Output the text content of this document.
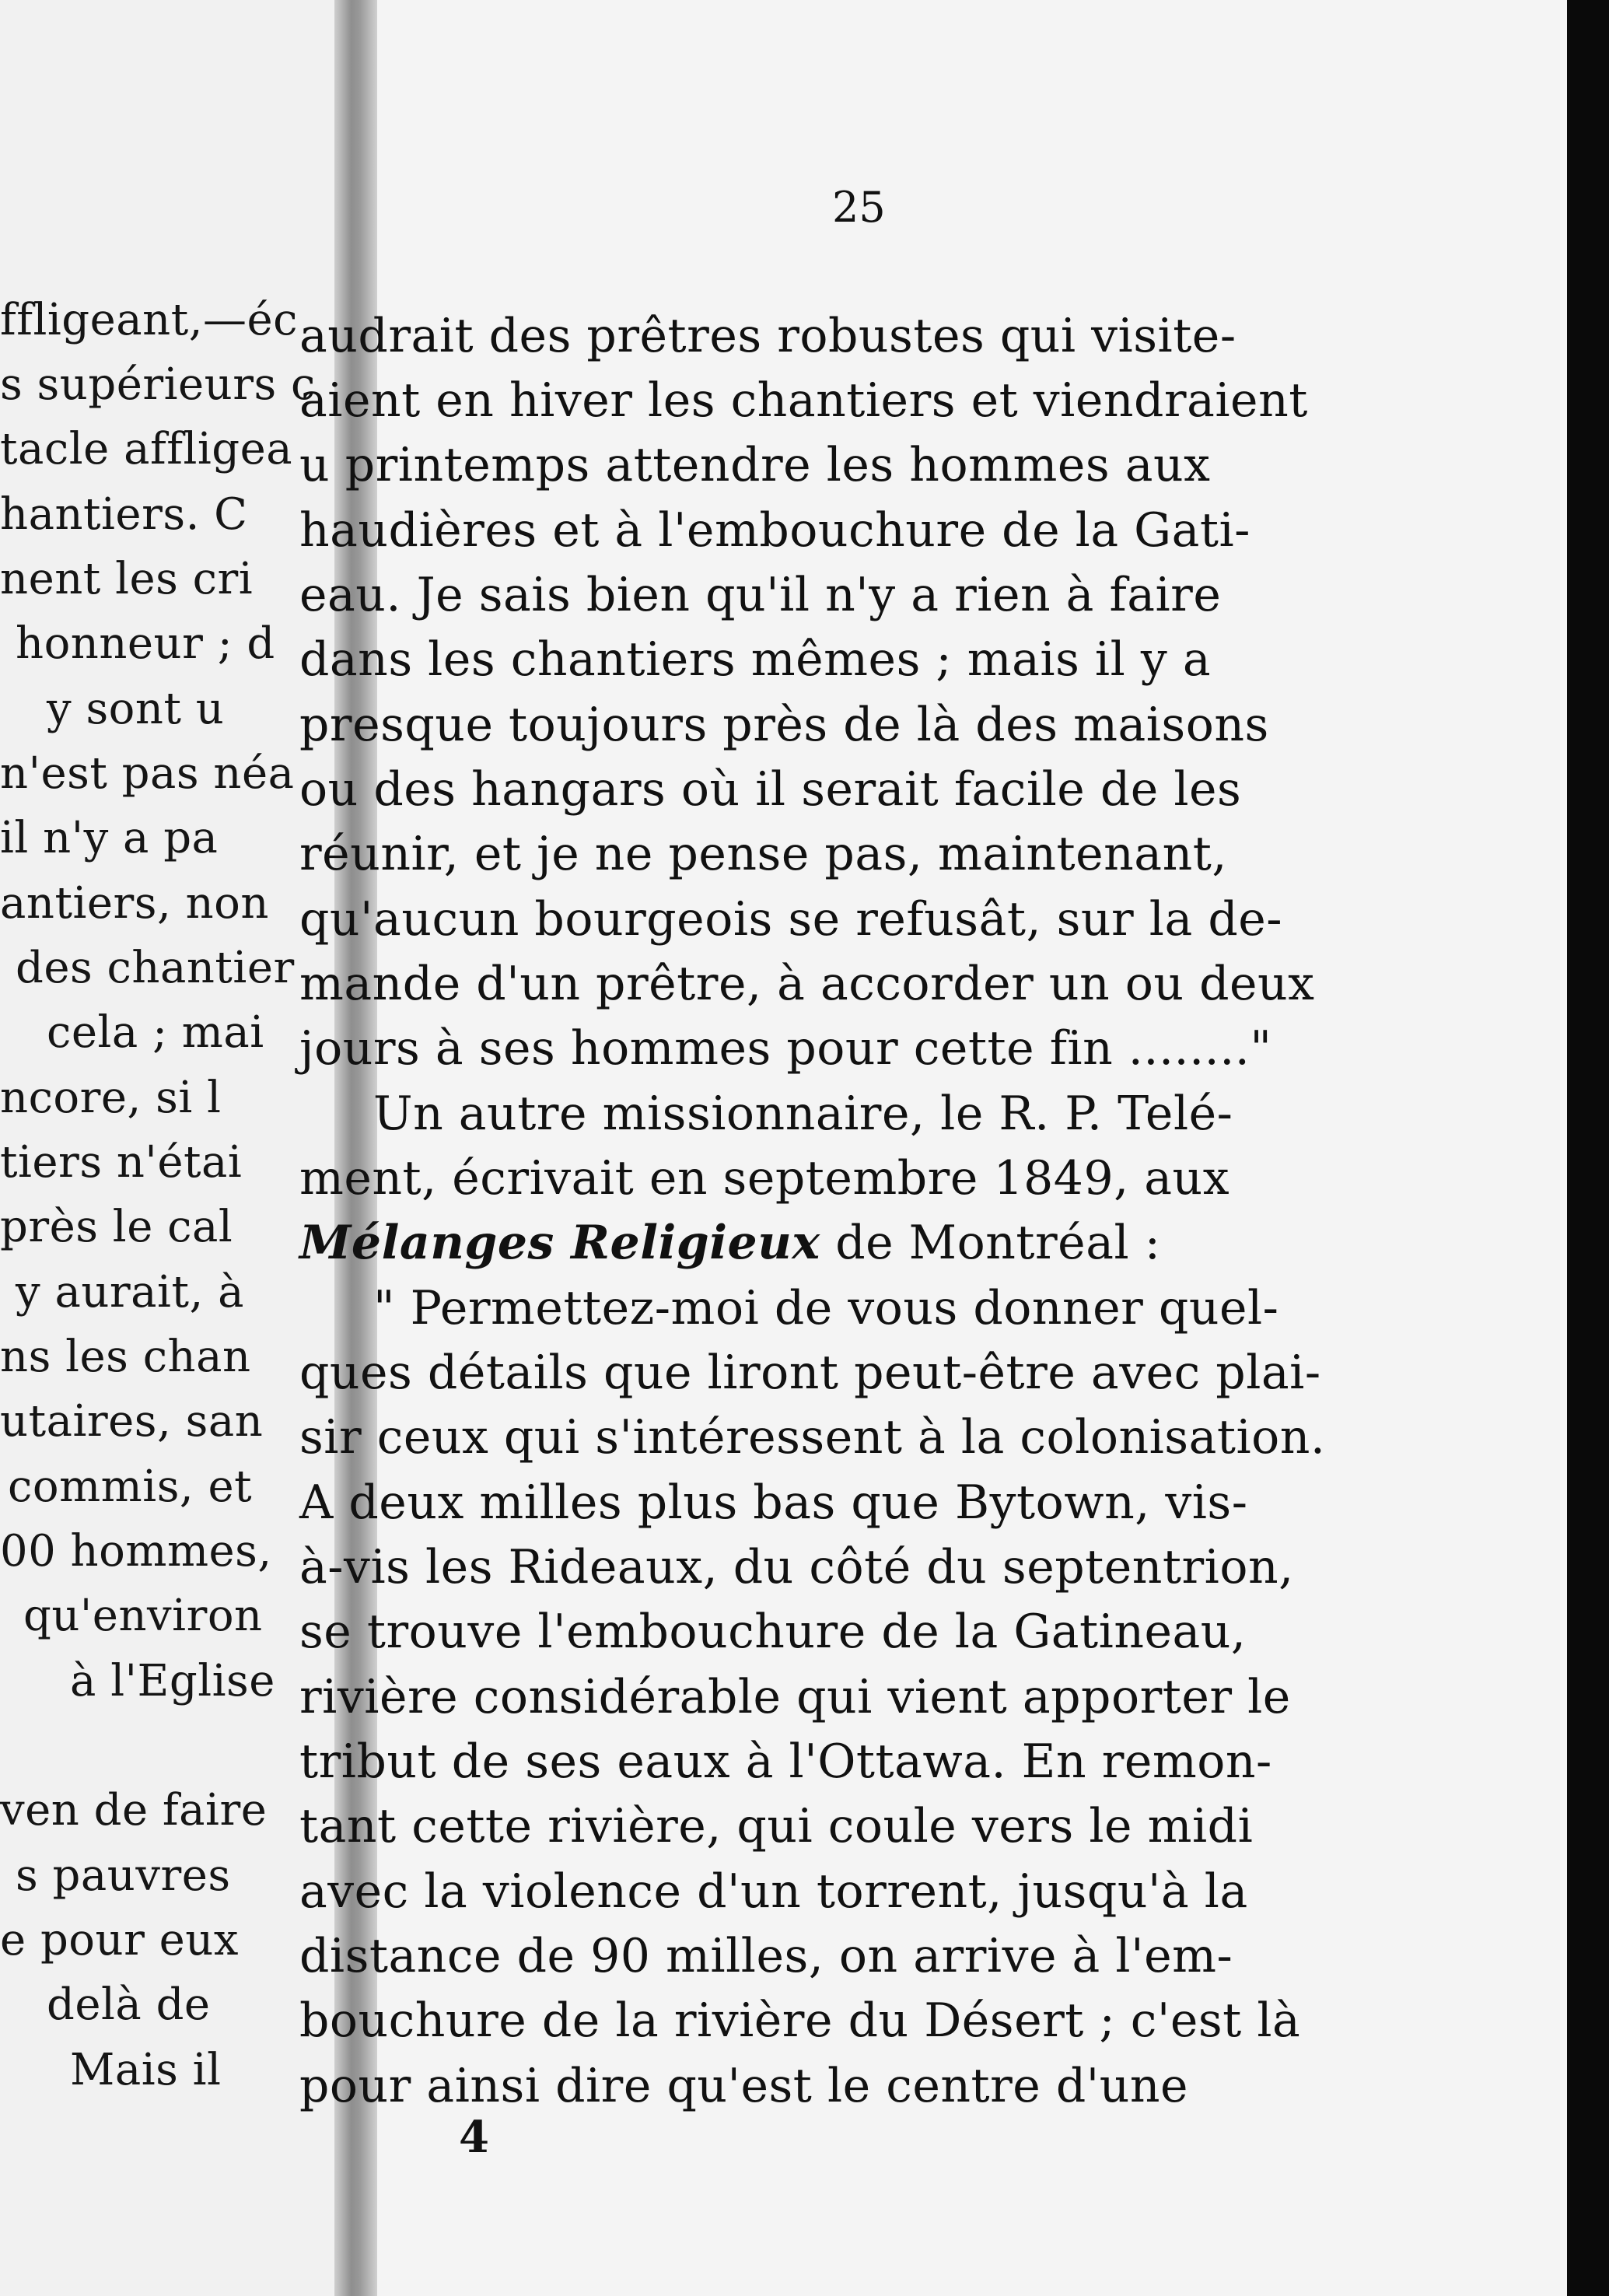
ffligeant,—éc

s supérieurs c

tacle affligea

hantiers. C

nent les cri

honneur ; d

y sont u

n'est pas néa

il n'y a pa

antiers, non

des chantier

cela ; mai

ncore, si l

tiers n'étai

près le cal

y aurait, à

ns les chan

utaires, san

commis, et

00 hommes,

qu'environ

à l'Eglise

ven de faire

s pauvres

e pour eux

delà de

Mais il

25

audrait des prêtres robustes qui visite-

aient en hiver les chantiers et viendraient

u printemps attendre les hommes aux

haudières et à l'embouchure de la Gati-

eau. Je sais bien qu'il n'y a rien à faire

dans les chantiers mêmes ; mais il y a

presque toujours près de là des maisons

ou des hangars où il serait facile de les

réunir, et je ne pense pas, maintenant,

qu'aucun bourgeois se refusât, sur la de-

mande d'un prêtre, à accorder un ou deux

jours à ses hommes pour cette fin ........"

Un autre missionnaire, le R. P. Telé-

ment, écrivait en septembre 1849, aux

Mélanges Religieux de Montréal :

" Permettez-moi de vous donner quel-

ques détails que liront peut-être avec plai-

sir ceux qui s'intéressent à la colonisation.

A deux milles plus bas que Bytown, vis-

à-vis les Rideaux, du côté du septentrion,

se trouve l'embouchure de la Gatineau,

rivière considérable qui vient apporter le

tribut de ses eaux à l'Ottawa. En remon-

tant cette rivière, qui coule vers le midi

avec la violence d'un torrent, jusqu'à la

distance de 90 milles, on arrive à l'em-

bouchure de la rivière du Désert ; c'est là

pour ainsi dire qu'est le centre d'une

4
